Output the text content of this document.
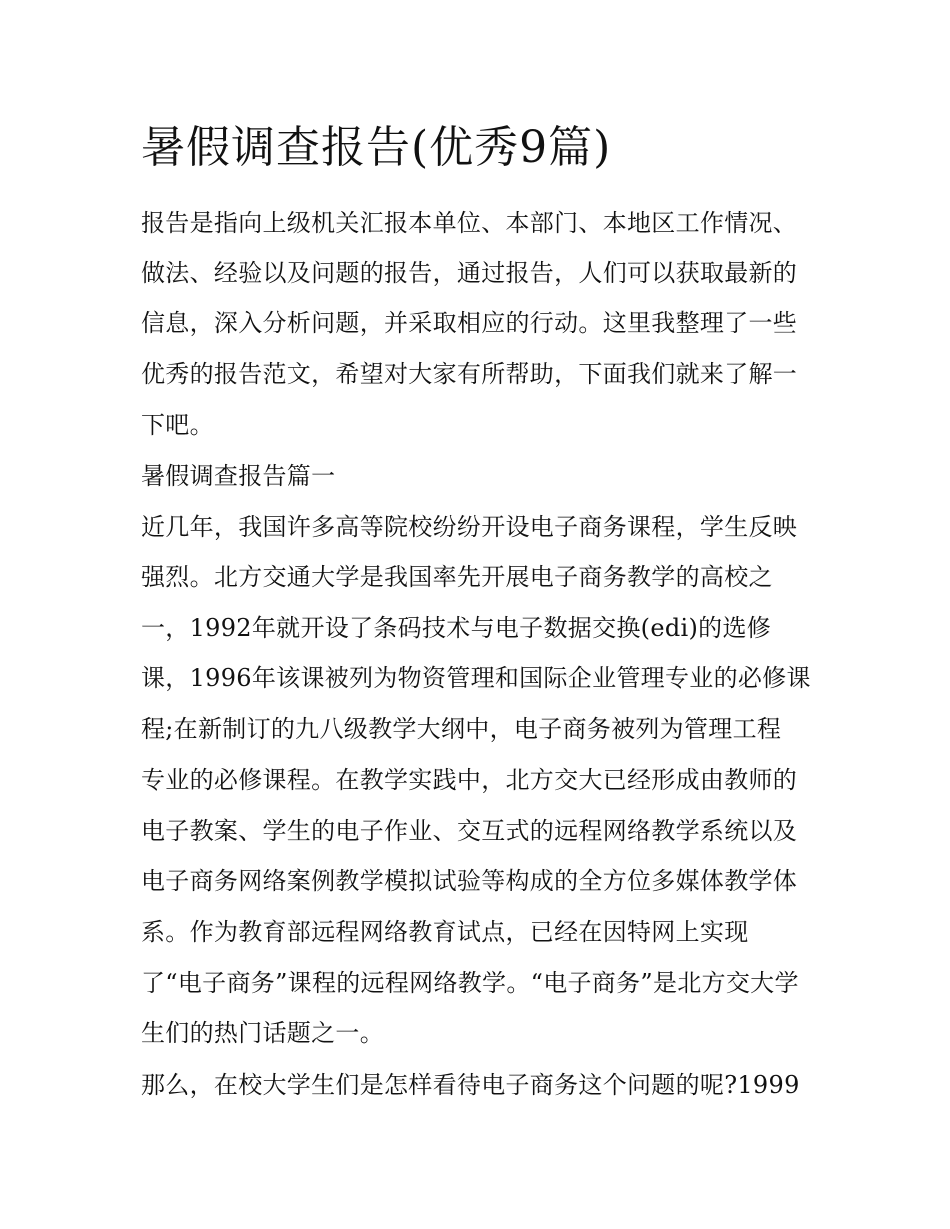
暑假调查报告(优秀9篇)
报告是指向上级机关汇报本单位、本部门、本地区工作情况、
做法、经验以及问题的报告，通过报告，人们可以获取最新的
信息，深入分析问题，并采取相应的行动。这里我整理了一些
优秀的报告范文，希望对大家有所帮助，下面我们就来了解一
下吧。
暑假调查报告篇一
近几年，我国许多高等院校纷纷开设电子商务课程，学生反映
强烈。北方交通大学是我国率先开展电子商务教学的高校之
一，1992年就开设了条码技术与电子数据交换(edi)的选修
课，1996年该课被列为物资管理和国际企业管理专业的必修课
程;在新制订的九八级教学大纲中，电子商务被列为管理工程
专业的必修课程。在教学实践中，北方交大已经形成由教师的
电子教案、学生的电子作业、交互式的远程网络教学系统以及
电子商务网络案例教学模拟试验等构成的全方位多媒体教学体
系。作为教育部远程网络教育试点，已经在因特网上实现
了“电子商务”课程的远程网络教学。“电子商务”是北方交大学
生们的热门话题之一。
那么，在校大学生们是怎样看待电子商务这个问题的呢?1999
